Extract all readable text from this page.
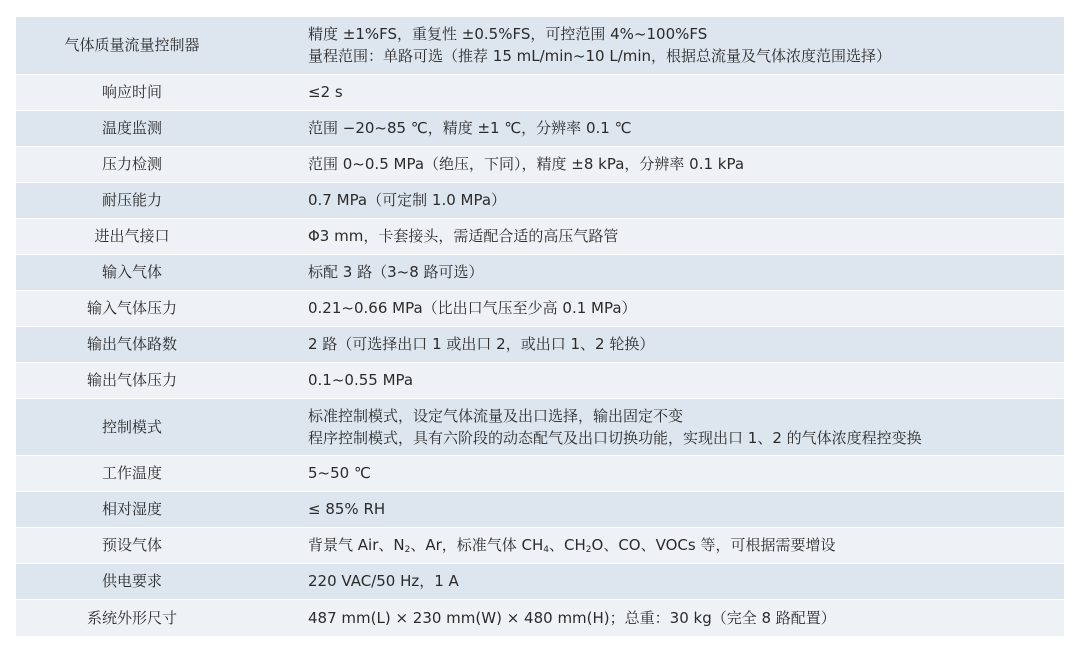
气体质量流量控制器	精度 ±1%FS，重复性 ±0.5%FS，可控范围 4%~100%FS
量程范围：单路可选（推荐 15 mL/min~10 L/min，根据总流量及气体浓度范围选择）

响应时间	≤2 s

温度监测	范围 −20~85 ℃，精度 ±1 ℃，分辨率 0.1 ℃

压力检测	范围 0~0.5 MPa（绝压，下同），精度 ±8 kPa，分辨率 0.1 kPa

耐压能力	0.7 MPa（可定制 1.0 MPa）

进出气接口	Φ3 mm，卡套接头，需适配合适的高压气路管

输入气体	标配 3 路（3~8 路可选）

输入气体压力	0.21~0.66 MPa（比出口气压至少高 0.1 MPa）

输出气体路数	2 路（可选择出口 1 或出口 2，或出口 1、2 轮换）

输出气体压力	0.1~0.55 MPa

控制模式	标准控制模式，设定气体流量及出口选择，输出固定不变
程序控制模式，具有六阶段的动态配气及出口切换功能，实现出口 1、2 的气体浓度程控变换

工作温度	5~50 ℃

相对湿度	≤ 85% RH

预设气体	背景气 Air、$N_2$、Ar，标准气体 $CH_4$、$CH_2O$、CO、VOCs 等，可根据需要增设

供电要求	220 VAC/50 Hz，1 A

系统外形尺寸	487 mm(L) × 230 mm(W) × 480 mm(H)；总重：30 kg（完全 8 路配置）
